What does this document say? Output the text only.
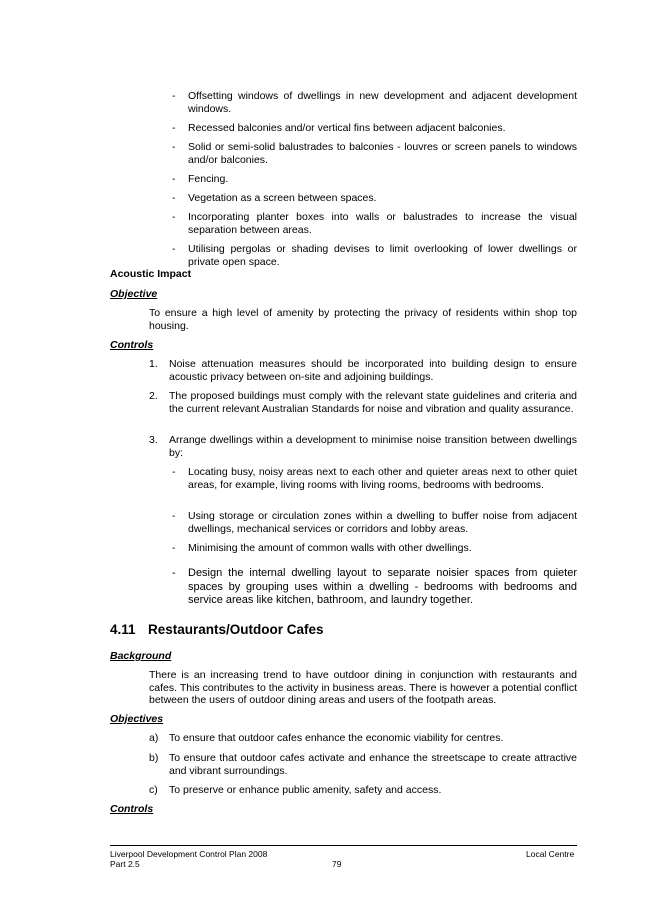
-	Offsetting windows of dwellings in new development and adjacent development windows.
-	Recessed balconies and/or vertical fins between adjacent balconies.
-	Solid or semi-solid balustrades to balconies - louvres or screen panels to windows and/or balconies.
-	Fencing.
-	Vegetation as a screen between spaces.
-	Incorporating planter boxes into walls or balustrades to increase the visual separation between areas.
-	Utilising pergolas or shading devises to limit overlooking of lower dwellings or private open space.
Acoustic Impact
Objective
To ensure a high level of amenity by protecting the privacy of residents within shop top housing.
Controls
1. Noise attenuation measures should be incorporated into building design to ensure acoustic privacy between on-site and adjoining buildings.
2. The proposed buildings must comply with the relevant state guidelines and criteria and the current relevant Australian Standards for noise and vibration and quality assurance.
3. Arrange dwellings within a development to minimise noise transition between dwellings by:
-	Locating busy, noisy areas next to each other and quieter areas next to other quiet areas, for example, living rooms with living rooms, bedrooms with bedrooms.
-	Using storage or circulation zones within a dwelling to buffer noise from adjacent dwellings, mechanical services or corridors and lobby areas.
-	Minimising the amount of common walls with other dwellings.
-	Design the internal dwelling layout to separate noisier spaces from quieter spaces by grouping uses within a dwelling - bedrooms with bedrooms and service areas like kitchen, bathroom, and laundry together.
4.11 Restaurants/Outdoor Cafes
Background
There is an increasing trend to have outdoor dining in conjunction with restaurants and cafes. This contributes to the activity in business areas. There is however a potential conflict between the users of outdoor dining areas and users of the footpath areas.
Objectives
a) To ensure that outdoor cafes enhance the economic viability for centres.
b) To ensure that outdoor cafes activate and enhance the streetscape to create attractive and vibrant surroundings.
c) To preserve or enhance public amenity, safety and access.
Controls
Liverpool Development Control Plan 2008
Part 2.5	79
Local Centre
